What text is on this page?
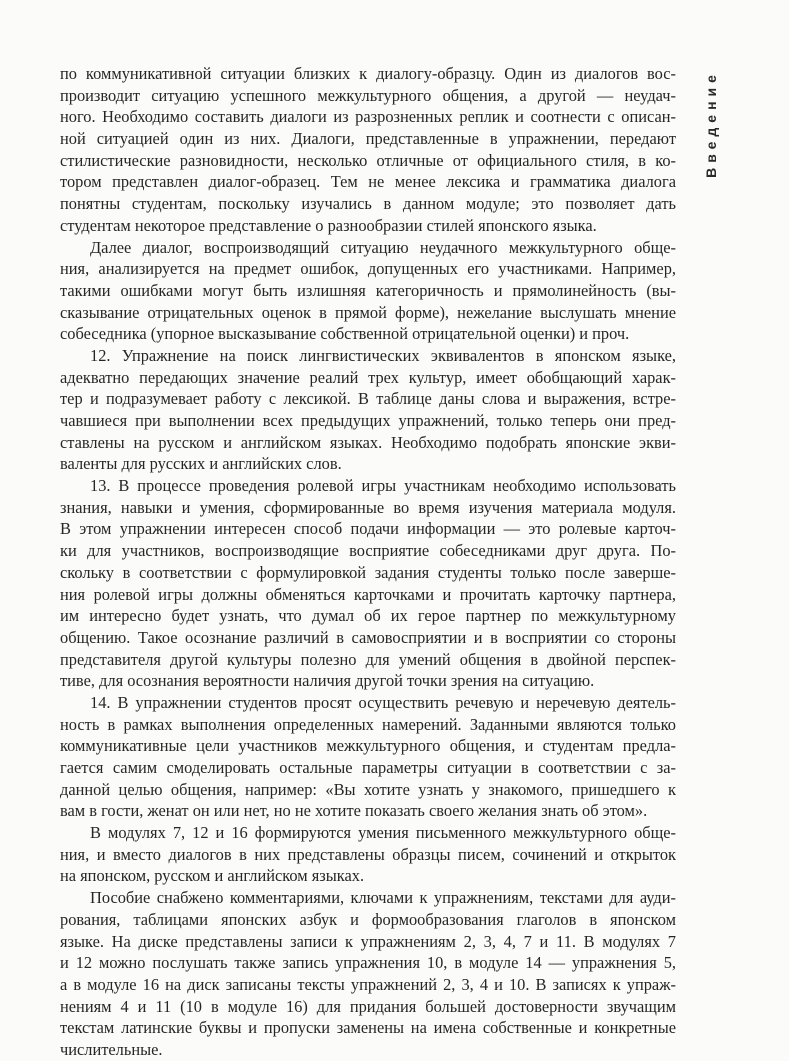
Введение
по коммуникативной ситуации близких к диалогу-образцу. Один из диалогов вос-
производит ситуацию успешного межкультурного общения, а другой — неудач-
ного. Необходимо составить диалоги из разрозненных реплик и соотнести с описан-
ной ситуацией один из них. Диалоги, представленные в упражнении, передают
стилистические разновидности, несколько отличные от официального стиля, в ко-
тором представлен диалог-образец. Тем не менее лексика и грамматика диалога
понятны студентам, поскольку изучались в данном модуле; это позволяет дать
студентам некоторое представление о разнообразии стилей японского языка.
Далее диалог, воспроизводящий ситуацию неудачного межкультурного обще-
ния, анализируется на предмет ошибок, допущенных его участниками. Например,
такими ошибками могут быть излишняя категоричность и прямолинейность (вы-
сказывание отрицательных оценок в прямой форме), нежелание выслушать мнение
собеседника (упорное высказывание собственной отрицательной оценки) и проч.
12. Упражнение на поиск лингвистических эквивалентов в японском языке,
адекватно передающих значение реалий трех культур, имеет обобщающий харак-
тер и подразумевает работу с лексикой. В таблице даны слова и выражения, встре-
чавшиеся при выполнении всех предыдущих упражнений, только теперь они пред-
ставлены на русском и английском языках. Необходимо подобрать японские экви-
валенты для русских и английских слов.
13. В процессе проведения ролевой игры участникам необходимо использовать
знания, навыки и умения, сформированные во время изучения материала модуля.
В этом упражнении интересен способ подачи информации — это ролевые карточ-
ки для участников, воспроизводящие восприятие собеседниками друг друга. По-
скольку в соответствии с формулировкой задания студенты только после заверше-
ния ролевой игры должны обменяться карточками и прочитать карточку партнера,
им интересно будет узнать, что думал об их герое партнер по межкультурному
общению. Такое осознание различий в самовосприятии и в восприятии со стороны
представителя другой культуры полезно для умений общения в двойной перспек-
тиве, для осознания вероятности наличия другой точки зрения на ситуацию.
14. В упражнении студентов просят осуществить речевую и неречевую деятель-
ность в рамках выполнения определенных намерений. Заданными являются только
коммуникативные цели участников межкультурного общения, и студентам предла-
гается самим смоделировать остальные параметры ситуации в соответствии с за-
данной целью общения, например: «Вы хотите узнать у знакомого, пришедшего к
вам в гости, женат он или нет, но не хотите показать своего желания знать об этом».
В модулях 7, 12 и 16 формируются умения письменного межкультурного обще-
ния, и вместо диалогов в них представлены образцы писем, сочинений и открыток
на японском, русском и английском языках.
Пособие снабжено комментариями, ключами к упражнениям, текстами для ауди-
рования, таблицами японских азбук и формообразования глаголов в японском
языке. На диске представлены записи к упражнениям 2, 3, 4, 7 и 11. В модулях 7
и 12 можно послушать также запись упражнения 10, в модуле 14 — упражнения 5,
а в модуле 16 на диск записаны тексты упражнений 2, 3, 4 и 10. В записях к упраж-
нениям 4 и 11 (10 в модуле 16) для придания большей достоверности звучащим
текстам латинские буквы и пропуски заменены на имена собственные и конкретные
числительные.
